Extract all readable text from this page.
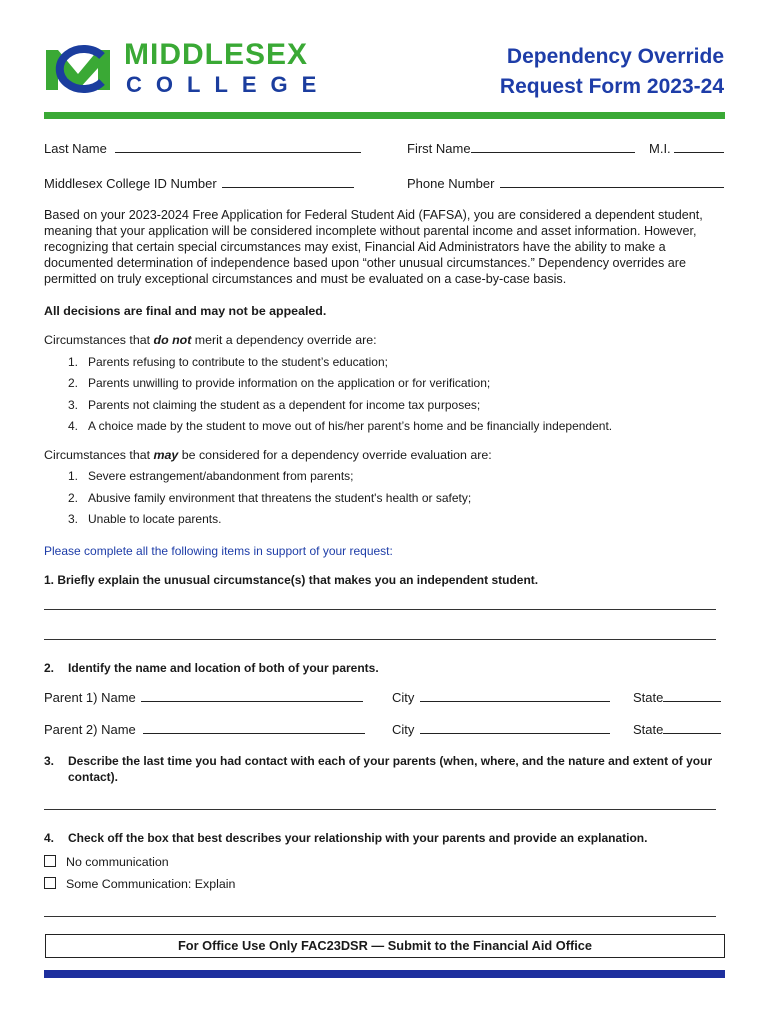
MIDDLESEX
COLLEGE
Dependency Override
Request Form 2023-24
Last Name	First Name	M.I.
Middlesex College ID Number	Phone Number
Based on your 2023-2024 Free Application for Federal Student Aid (FAFSA), you are considered a dependent student, meaning that your application will be considered incomplete without parental income and asset information. However, recognizing that certain special circumstances may exist, Financial Aid Administrators have the ability to make a documented determination of independence based upon “other unusual circumstances.” Dependency overrides are permitted on truly exceptional circumstances and must be evaluated on a case-by-case basis.
All decisions are final and may not be appealed.
Circumstances that do not merit a dependency override are:
1. Parents refusing to contribute to the student’s education;
2. Parents unwilling to provide information on the application or for verification;
3. Parents not claiming the student as a dependent for income tax purposes;
4. A choice made by the student to move out of his/her parent’s home and be financially independent.
Circumstances that may be considered for a dependency override evaluation are:
1. Severe estrangement/abandonment from parents;
2. Abusive family environment that threatens the student's health or safety;
3. Unable to locate parents.
Please complete all the following items in support of your request:
1. Briefly explain the unusual circumstance(s) that makes you an independent student.
2. Identify the name and location of both of your parents.
Parent 1) Name	City	State
Parent 2) Name	City	State
3.	Describe the last time you had contact with each of your parents (when, where, and the nature and extent of your contact).
4. Check off the box that best describes your relationship with your parents and provide an explanation.
No communication
Some Communication: Explain
For Office Use Only FAC23DSR — Submit to the Financial Aid Office
